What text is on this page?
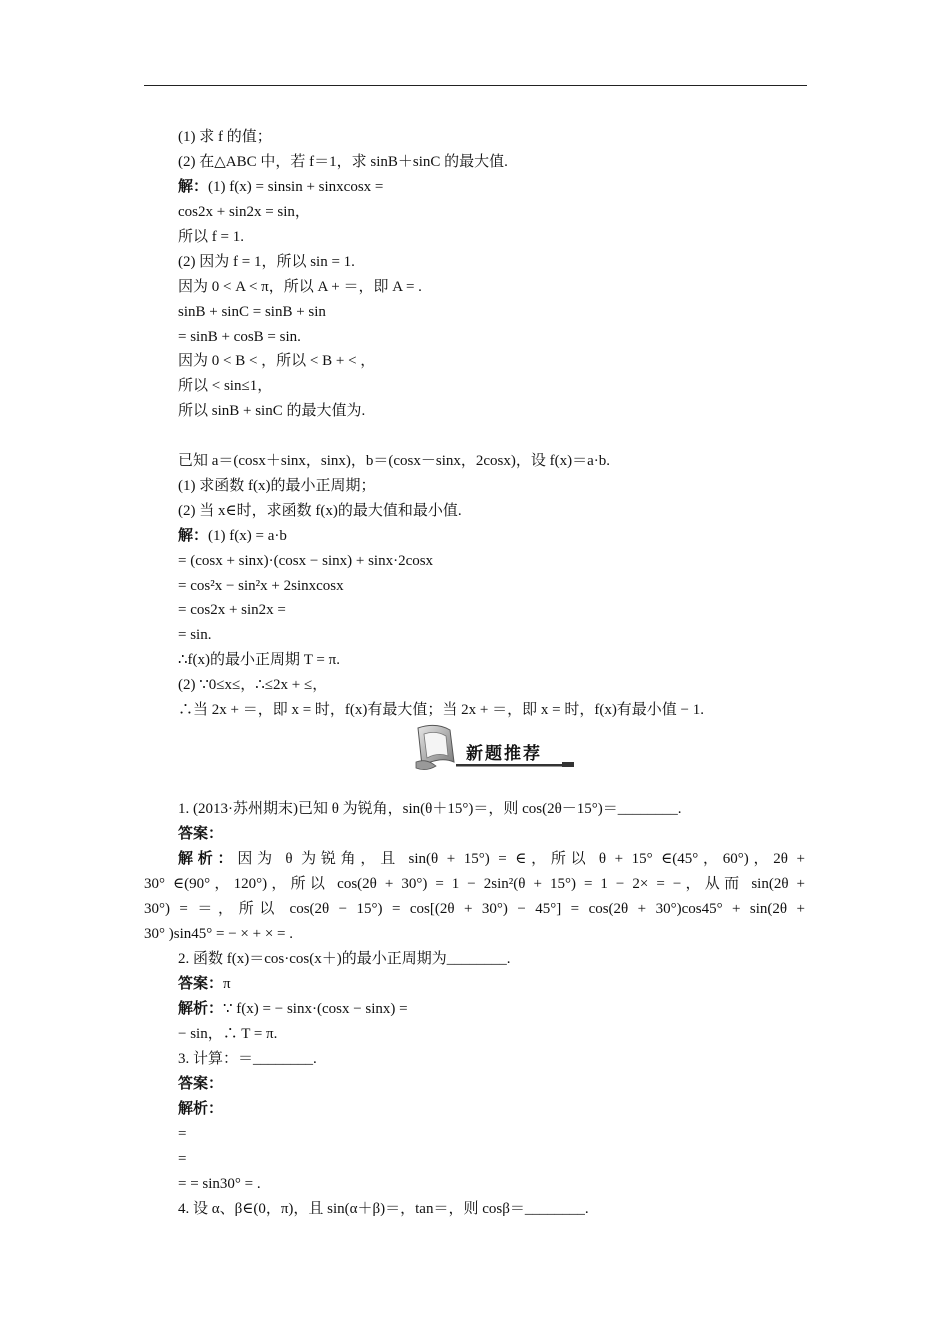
(1) 求 f 的值；
(2) 在△ABC 中，若 f＝1，求 sinB＋sinC 的最大值.
解：(1) f(x) = sinsin + sinxcosx =
cos2x + sin2x = sin，
所以 f = 1.
(2) 因为 f = 1，所以 sin = 1.
因为 0 < A < π，所以 A + ＝，即 A = .
sinB + sinC = sinB + sin
= sinB + cosB = sin.
因为 0 < B < ，所以 < B + < ，
所以 < sin≤1，
所以 sinB + sinC 的最大值为.
已知 a＝(cosx＋sinx，sinx)，b＝(cosx－sinx，2cosx)，设 f(x)＝a·b.
(1) 求函数 f(x)的最小正周期；
(2) 当 x∈时，求函数 f(x)的最大值和最小值.
解：(1) f(x) = a·b
= (cosx + sinx)·(cosx − sinx) + sinx·2cosx
= cos²x − sin²x + 2sinxcosx
= cos2x + sin2x =
= sin.
∴f(x)的最小正周期 T = π.
(2) ∵0≤x≤，∴≤2x + ≤，
∴当 2x + ＝，即 x = 时，f(x)有最大值；当 2x + ＝，即 x = 时，f(x)有最小值 − 1.
新题推荐
1. (2013·苏州期末)已知 θ 为锐角，sin(θ＋15°)＝，则 cos(2θ－15°)＝________.
答案：
解析：因为 θ 为锐角，且 sin(θ + 15°) = ∈，所以 θ + 15° ∈(45°，60°)，2θ +
30° ∈(90°，120°)，所以 cos(2θ + 30°) = 1 − 2sin²(θ + 15°) = 1 − 2× = −，从而 sin(2θ +
30°) = ＝，所以 cos(2θ − 15°) = cos[(2θ + 30°) − 45°] = cos(2θ + 30°)cos45° + sin(2θ +
30° )sin45° = − × + × = .
2. 函数 f(x)＝cos·cos(x＋)的最小正周期为________.
答案：π
解析：∵ f(x) = − sinx·(cosx − sinx) =
− sin，∴ T = π.
3. 计算：＝________.
答案：
解析：
=
=
= = sin30° = .
4. 设 α、β∈(0，π)，且 sin(α＋β)＝，tan＝，则 cosβ＝________.
